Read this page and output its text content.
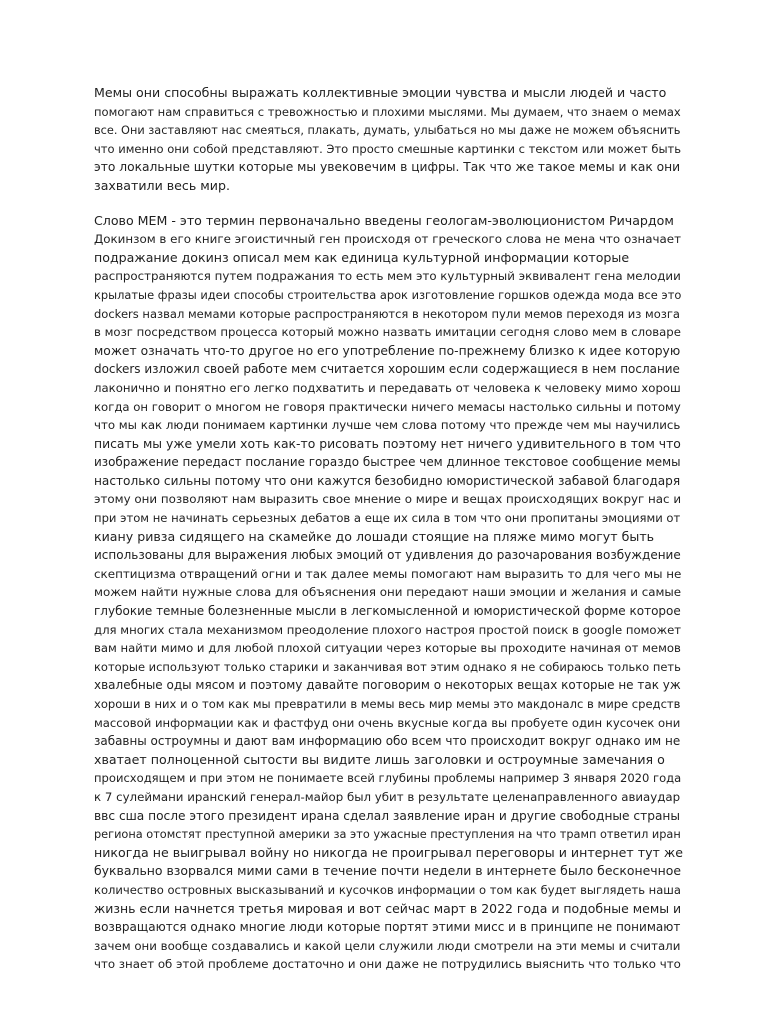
Мемы они способны выражать коллективные эмоции чувства и мысли людей и часто
помогают нам справиться с тревожностью и плохими мыслями. Мы думаем, что знаем о мемах
все. Они заставляют нас смеяться, плакать, думать, улыбаться но мы даже не можем объяснить
что именно они собой представляют. Это просто смешные картинки с текстом или может быть
это локальные шутки которые мы увековечим в цифры. Так что же такое мемы и как они
захватили весь мир.

Слово МЕМ - это термин первоначально введены геологам-эволюционистом Ричардом
Докинзом в его книге эгоистичный ген происходя от греческого слова не мена что означает
подражание докинз описал мем как единица культурной информации которые
распространяются путем подражания то есть мем это культурный эквивалент гена мелодии
крылатые фразы идеи способы строительства арок изготовление горшков одежда мода все это
dockers назвал мемами которые распространяются в некотором пули мемов переходя из мозга
в мозг посредством процесса который можно назвать имитации сегодня слово мем в словаре
может означать что-то другое но его употребление по-прежнему близко к идее которую
dockers изложил своей работе мем считается хорошим если содержащиеся в нем послание
лаконично и понятно его легко подхватить и передавать от человека к человеку мимо хорош
когда он говорит о многом не говоря практически ничего мемасы настолько сильны и потому
что мы как люди понимаем картинки лучше чем слова потому что прежде чем мы научились
писать мы уже умели хоть как-то рисовать поэтому нет ничего удивительного в том что
изображение передаст послание гораздо быстрее чем длинное текстовое сообщение мемы
настолько сильны потому что они кажутся безобидно юмористической забавой благодаря
этому они позволяют нам выразить свое мнение о мире и вещах происходящих вокруг нас и
при этом не начинать серьезных дебатов а еще их сила в том что они пропитаны эмоциями от
киану ривза сидящего на скамейке до лошади стоящие на пляже мимо могут быть
использованы для выражения любых эмоций от удивления до разочарования возбуждение
скептицизма отвращений огни и так далее мемы помогают нам выразить то для чего мы не
можем найти нужные слова для объяснения они передают наши эмоции и желания и самые
глубокие темные болезненные мысли в легкомысленной и юмористической форме которое
для многих стала механизмом преодоление плохого настроя простой поиск в google поможет
вам найти мимо и для любой плохой ситуации через которые вы проходите начиная от мемов
которые используют только старики и заканчивая вот этим однако я не собираюсь только петь
хвалебные оды мясом и поэтому давайте поговорим о некоторых вещах которые не так уж
хороши в них и о том как мы превратили в мемы весь мир мемы это макдоналс в мире средств
массовой информации как и фастфуд они очень вкусные когда вы пробуете один кусочек они
забавны остроумны и дают вам информацию обо всем что происходит вокруг однако им не
хватает полноценной сытости вы видите лишь заголовки и остроумные замечания о
происходящем и при этом не понимаете всей глубины проблемы например 3 января 2020 года
к 7 сулеймани иранский генерал-майор был убит в результате целенаправленного авиаудар
ввс сша после этого президент ирана сделал заявление иран и другие свободные страны
региона отомстят преступной америки за это ужасные преступления на что трамп ответил иран
никогда не выигрывал войну но никогда не проигрывал переговоры и интернет тут же
буквально взорвался мими сами в течение почти недели в интернете было бесконечное
количество островных высказываний и кусочков информации о том как будет выглядеть наша
жизнь если начнется третья мировая и вот сейчас март в 2022 года и подобные мемы и
возвращаются однако многие люди которые портят этими мисс и в принципе не понимают
зачем они вообще создавались и какой цели служили люди смотрели на эти мемы и считали
что знает об этой проблеме достаточно и они даже не потрудились выяснить что только что
